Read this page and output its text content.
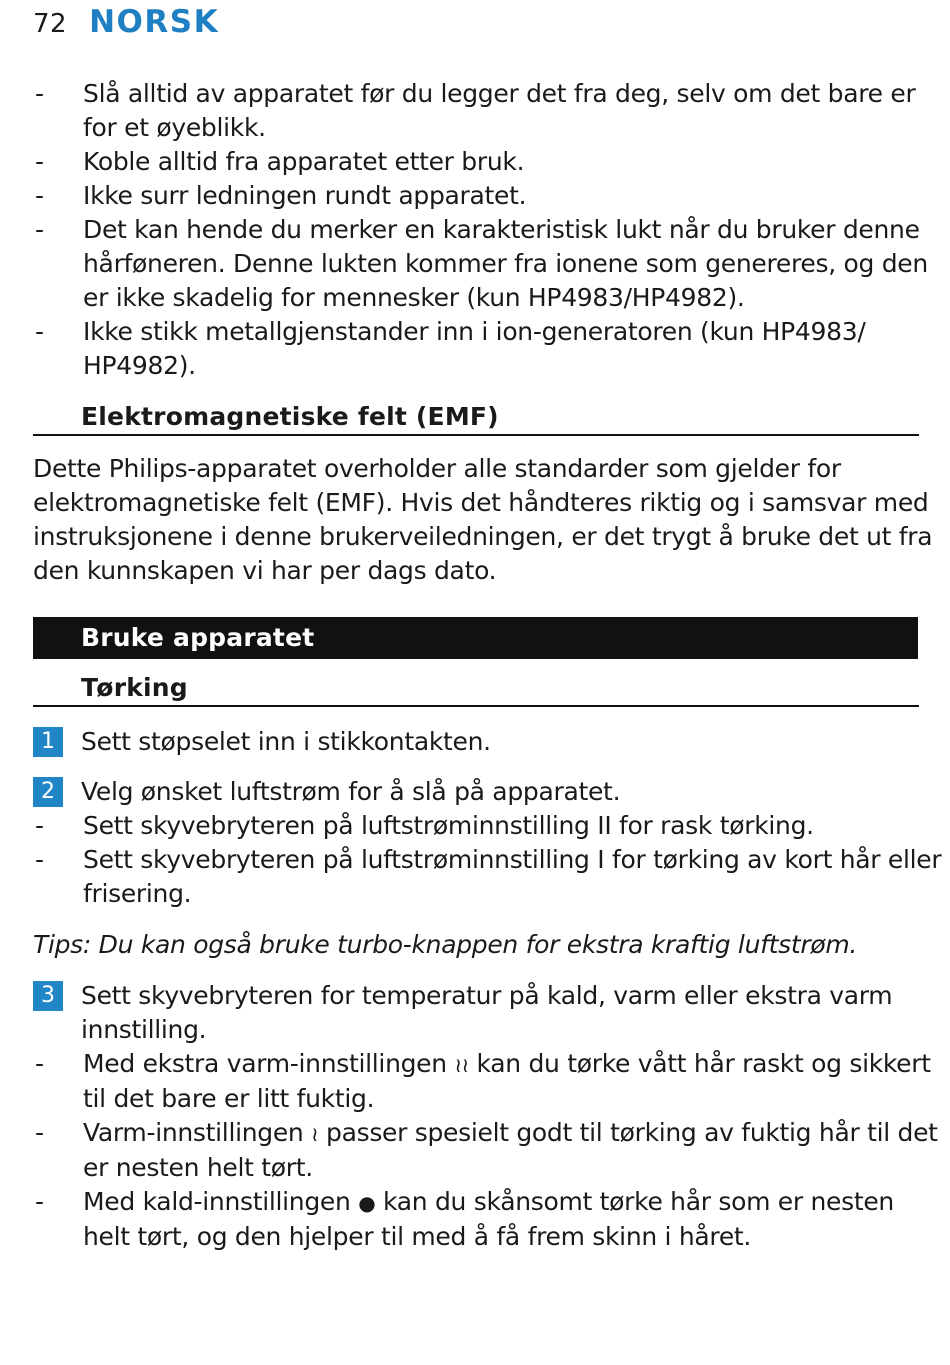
72 NORSK
-	Slå alltid av apparatet før du legger det fra deg, selv om det bare er
for et øyeblikk.
-	Koble alltid fra apparatet etter bruk.
-	Ikke surr ledningen rundt apparatet.
-	Det kan hende du merker en karakteristisk lukt når du bruker denne
hårføneren. Denne lukten kommer fra ionene som genereres, og den
er ikke skadelig for mennesker (kun HP4983/HP4982).
-	Ikke stikk metallgjenstander inn i ion-generatoren (kun HP4983/
HP4982).
Elektromagnetiske felt (EMF)
Dette Philips-apparatet overholder alle standarder som gjelder for
elektromagnetiske felt (EMF). Hvis det håndteres riktig og i samsvar med
instruksjonene i denne brukerveiledningen, er det trygt å bruke det ut fra
den kunnskapen vi har per dags dato.
Bruke apparatet
Tørking
1	Sett støpselet inn i stikkontakten.
2	Velg ønsket luftstrøm for å slå på apparatet.
-	Sett skyvebryteren på luftstrøminnstilling II for rask tørking.
-	Sett skyvebryteren på luftstrøminnstilling I for tørking av kort hår eller
frisering.
Tips: Du kan også bruke turbo-knappen for ekstra kraftig luftstrøm.
3	Sett skyvebryteren for temperatur på kald, varm eller ekstra varm
innstilling.
-	Med ekstra varm-innstillingen ≀≀ kan du tørke vått hår raskt og sikkert
til det bare er litt fuktig.
-	Varm-innstillingen ≀ passer spesielt godt til tørking av fuktig hår til det
er nesten helt tørt.
-	Med kald-innstillingen ● kan du skånsomt tørke hår som er nesten
helt tørt, og den hjelper til med å få frem skinn i håret.
